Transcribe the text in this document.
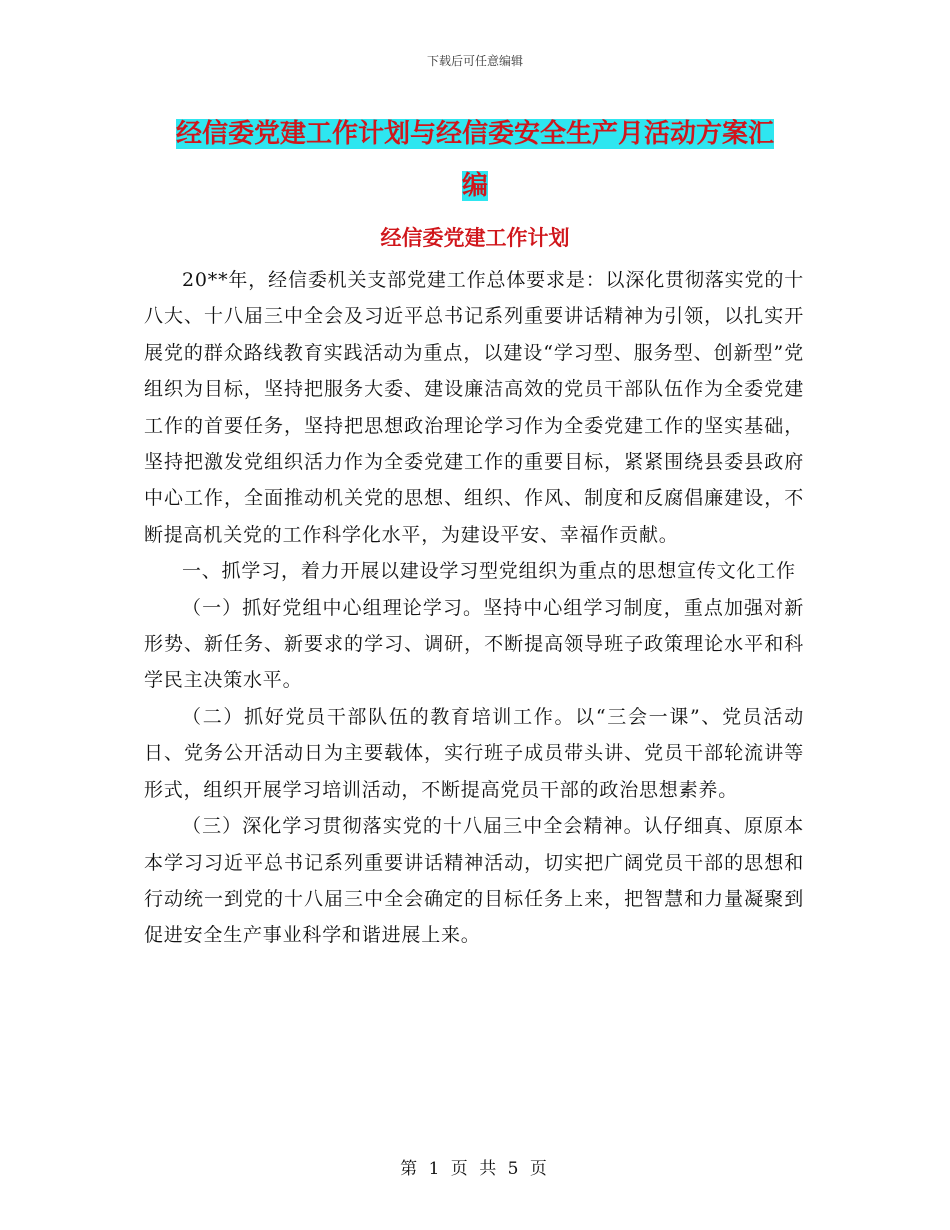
下载后可任意编辑
经信委党建工作计划与经信委安全生产月活动方案汇
编
经信委党建工作计划

20**年，经信委机关支部党建工作总体要求是：以深化贯彻落实党的十八大、十八届三中全会及习近平总书记系列重要讲话精神为引领，以扎实开展党的群众路线教育实践活动为重点，以建设“学习型、服务型、创新型”党组织为目标，坚持把服务大委、建设廉洁高效的党员干部队伍作为全委党建工作的首要任务，坚持把思想政治理论学习作为全委党建工作的坚实基础，坚持把激发党组织活力作为全委党建工作的重要目标，紧紧围绕县委县政府中心工作，全面推动机关党的思想、组织、作风、制度和反腐倡廉建设，不断提高机关党的工作科学化水平，为建设平安、幸福作贡献。

一、抓学习，着力开展以建设学习型党组织为重点的思想宣传文化工作

（一）抓好党组中心组理论学习。坚持中心组学习制度，重点加强对新形势、新任务、新要求的学习、调研，不断提高领导班子政策理论水平和科学民主决策水平。

（二）抓好党员干部队伍的教育培训工作。以“三会一课”、党员活动日、党务公开活动日为主要载体，实行班子成员带头讲、党员干部轮流讲等形式，组织开展学习培训活动，不断提高党员干部的政治思想素养。

（三）深化学习贯彻落实党的十八届三中全会精神。认仔细真、原原本本学习习近平总书记系列重要讲话精神活动，切实把广阔党员干部的思想和行动统一到党的十八届三中全会确定的目标任务上来，把智慧和力量凝聚到促进安全生产事业科学和谐进展上来。

第 1 页 共 5 页
